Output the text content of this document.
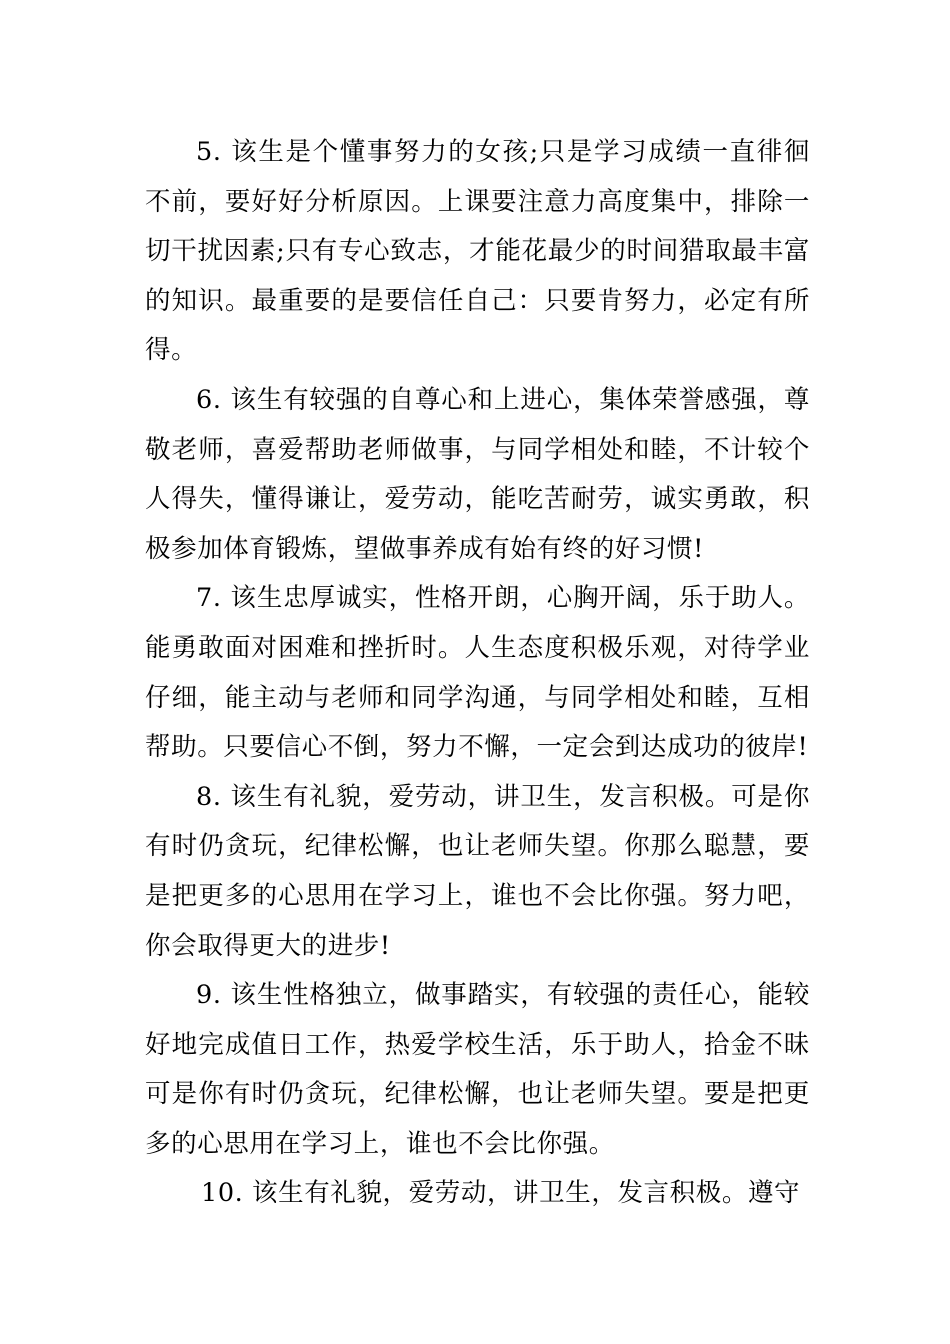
5. 该生是个懂事努力的女孩;只是学习成绩一直徘徊不前，要好好分析原因。上课要注意力高度集中，排除一切干扰因素;只有专心致志，才能花最少的时间猎取最丰富的知识。最重要的是要信任自己：只要肯努力，必定有所得。

6. 该生有较强的自尊心和上进心，集体荣誉感强，尊敬老师，喜爱帮助老师做事，与同学相处和睦，不计较个人得失，懂得谦让，爱劳动，能吃苦耐劳，诚实勇敢，积极参加体育锻炼，望做事养成有始有终的好习惯!

7. 该生忠厚诚实，性格开朗，心胸开阔，乐于助人。能勇敢面对困难和挫折时。人生态度积极乐观，对待学业仔细，能主动与老师和同学沟通，与同学相处和睦，互相帮助。只要信心不倒，努力不懈，一定会到达成功的彼岸!

8. 该生有礼貌，爱劳动，讲卫生，发言积极。可是你有时仍贪玩，纪律松懈，也让老师失望。你那么聪慧，要是把更多的心思用在学习上，谁也不会比你强。努力吧，你会取得更大的进步!

9. 该生性格独立，做事踏实，有较强的责任心，能较好地完成值日工作，热爱学校生活，乐于助人，拾金不昧可是你有时仍贪玩，纪律松懈，也让老师失望。要是把更多的心思用在学习上，谁也不会比你强。

10. 该生有礼貌，爱劳动，讲卫生，发言积极。遵守
